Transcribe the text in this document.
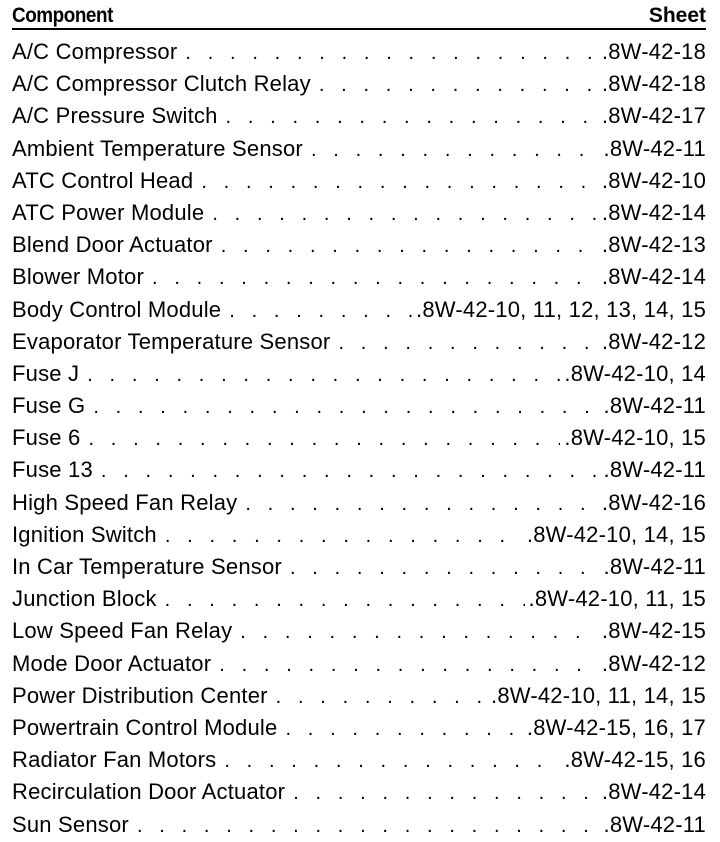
Component	Sheet
A/C Compressor . . .	.8W-42-18
A/C Compressor Clutch Relay . . .	.8W-42-18
A/C Pressure Switch . . .	.8W-42-17
Ambient Temperature Sensor . . .	.8W-42-11
ATC Control Head . . .	.8W-42-10
ATC Power Module . . .	.8W-42-14
Blend Door Actuator . . .	.8W-42-13
Blower Motor . . .	.8W-42-14
Body Control Module . . .	.8W-42-10, 11, 12, 13, 14, 15
Evaporator Temperature Sensor . . .	.8W-42-12
Fuse J . . .	.8W-42-10, 14
Fuse G . . .	.8W-42-11
Fuse 6 . . .	.8W-42-10, 15
Fuse 13 . . .	.8W-42-11
High Speed Fan Relay . . .	.8W-42-16
Ignition Switch . . .	.8W-42-10, 14, 15
In Car Temperature Sensor . . .	.8W-42-11
Junction Block . . .	.8W-42-10, 11, 15
Low Speed Fan Relay . . .	.8W-42-15
Mode Door Actuator . . .	.8W-42-12
Power Distribution Center . . .	.8W-42-10, 11, 14, 15
Powertrain Control Module . . .	.8W-42-15, 16, 17
Radiator Fan Motors . . .	.8W-42-15, 16
Recirculation Door Actuator . . .	.8W-42-14
Sun Sensor . . .	.8W-42-11
